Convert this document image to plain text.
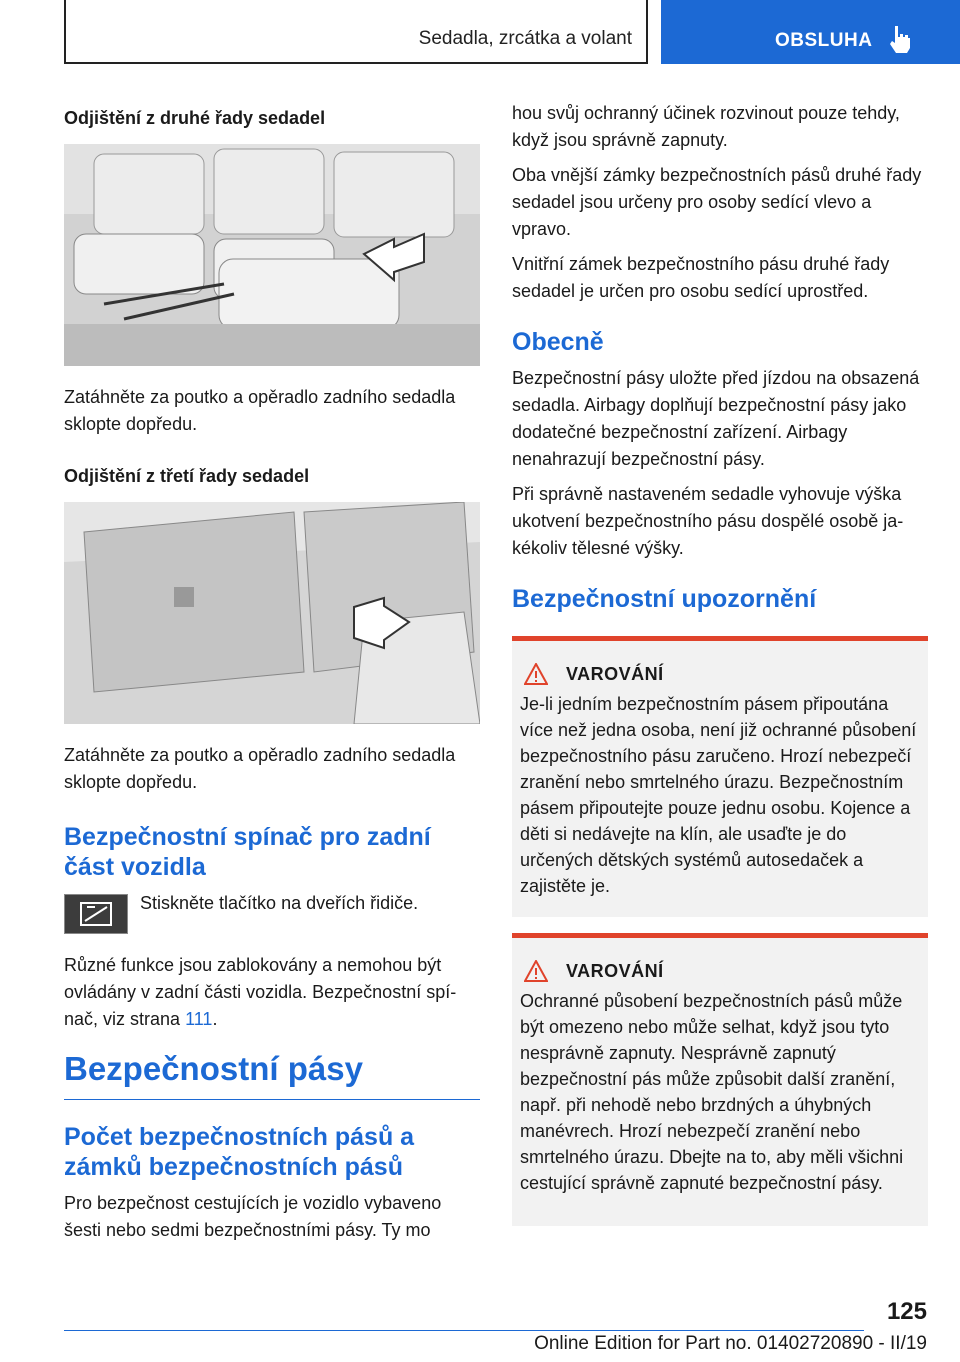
Sedadla, zrcátka a volant	OBSLUHA
Odjištění z druhé řady sedadel

Zatáhněte za poutko a opěradlo zadního sedadla sklopte dopředu.

Odjištění z třetí řady sedadel

Zatáhněte za poutko a opěradlo zadního sedadla sklopte dopředu.

Bezpečnostní spínač pro zadní část vozidla
Stiskněte tlačítko na dveřích řidiče.

Různé funkce jsou zablokovány a nemohou být ovládány v zadní části vozidla. Bezpečnostní spínač, viz strana 111.

Bezpečnostní pásy
Počet bezpečnostních pásů a zámků bezpečnostních pásů

Pro bezpečnost cestujících je vozidlo vybaveno šesti nebo sedmi bezpečnostními pásy. Ty mo

hou svůj ochranný účinek rozvinout pouze tehdy, když jsou správně zapnuty.

Oba vnější zámky bezpečnostních pásů druhé řady sedadel jsou určeny pro osoby sedící vlevo a vpravo.

Vnitřní zámek bezpečnostního pásu druhé řady sedadel je určen pro osobu sedící uprostřed.

Obecně

Bezpečnostní pásy uložte před jízdou na obsazená sedadla. Airbagy doplňují bezpečnostní pásy jako dodatečné bezpečnostní zařízení. Airbagy nenahrazují bezpečnostní pásy.

Při správně nastaveném sedadle vyhovuje výška ukotvení bezpečnostního pásu dospělé osobě jakékoliv tělesné výšky.

Bezpečnostní upozornění
VAROVÁNÍ

Je-li jedním bezpečnostním pásem připoutána více než jedna osoba, není již ochranné působení bezpečnostního pásu zaručeno. Hrozí nebezpečí zranění nebo smrtelného úrazu. Bezpečnostním pásem připoutejte pouze jednu osobu. Kojence a děti si nedávejte na klín, ale usaďte je do určených dětských systémů autosedaček a zajistěte je.

VAROVÁNÍ

Ochranné působení bezpečnostních pásů může být omezeno nebo může selhat, když jsou tyto nesprávně zapnuty. Nesprávně zapnutý bezpečnostní pás může způsobit další zranění, např. při nehodě nebo brzdných a úhybných manévrech. Hrozí nebezpečí zranění nebo smrtelného úrazu. Dbejte na to, aby měli všichni cestující správně zapnuté bezpečnostní pásy.

125
Online Edition for Part no. 01402720890 - II/19
